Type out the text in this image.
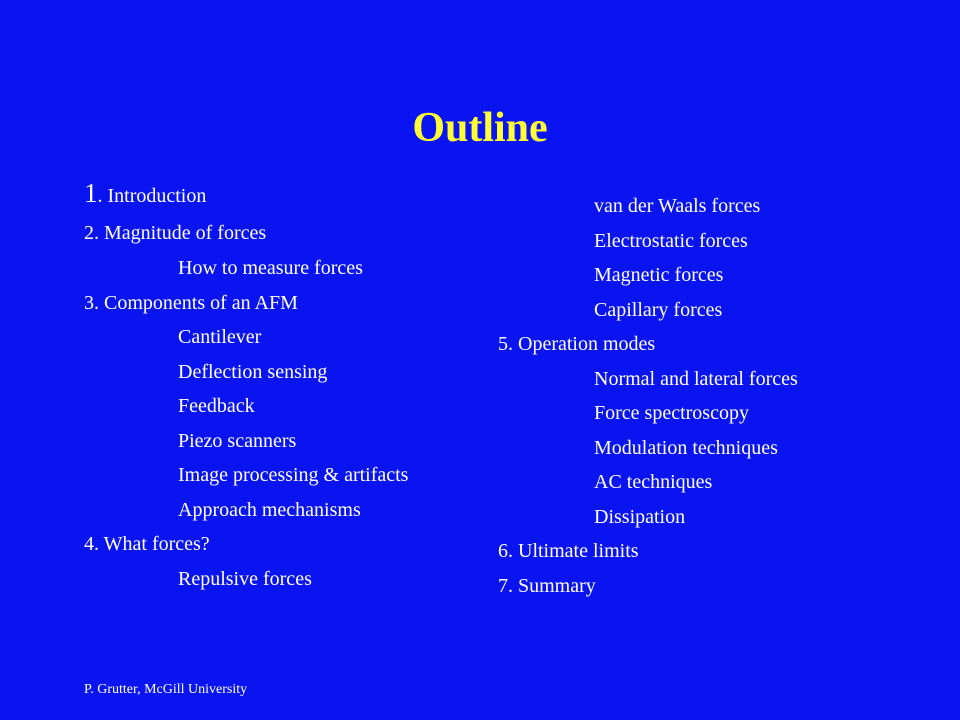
Outline
1. Introduction
2. Magnitude of forces
How to measure forces
3. Components of an AFM
Cantilever
Deflection sensing
Feedback
Piezo scanners
Image processing & artifacts
Approach mechanisms
4. What forces?
Repulsive forces
van der Waals forces
Electrostatic forces
Magnetic forces
Capillary forces
5. Operation modes
Normal and lateral forces
Force spectroscopy
Modulation techniques
AC techniques
Dissipation
6. Ultimate limits
7. Summary
P. Grutter, McGill University
